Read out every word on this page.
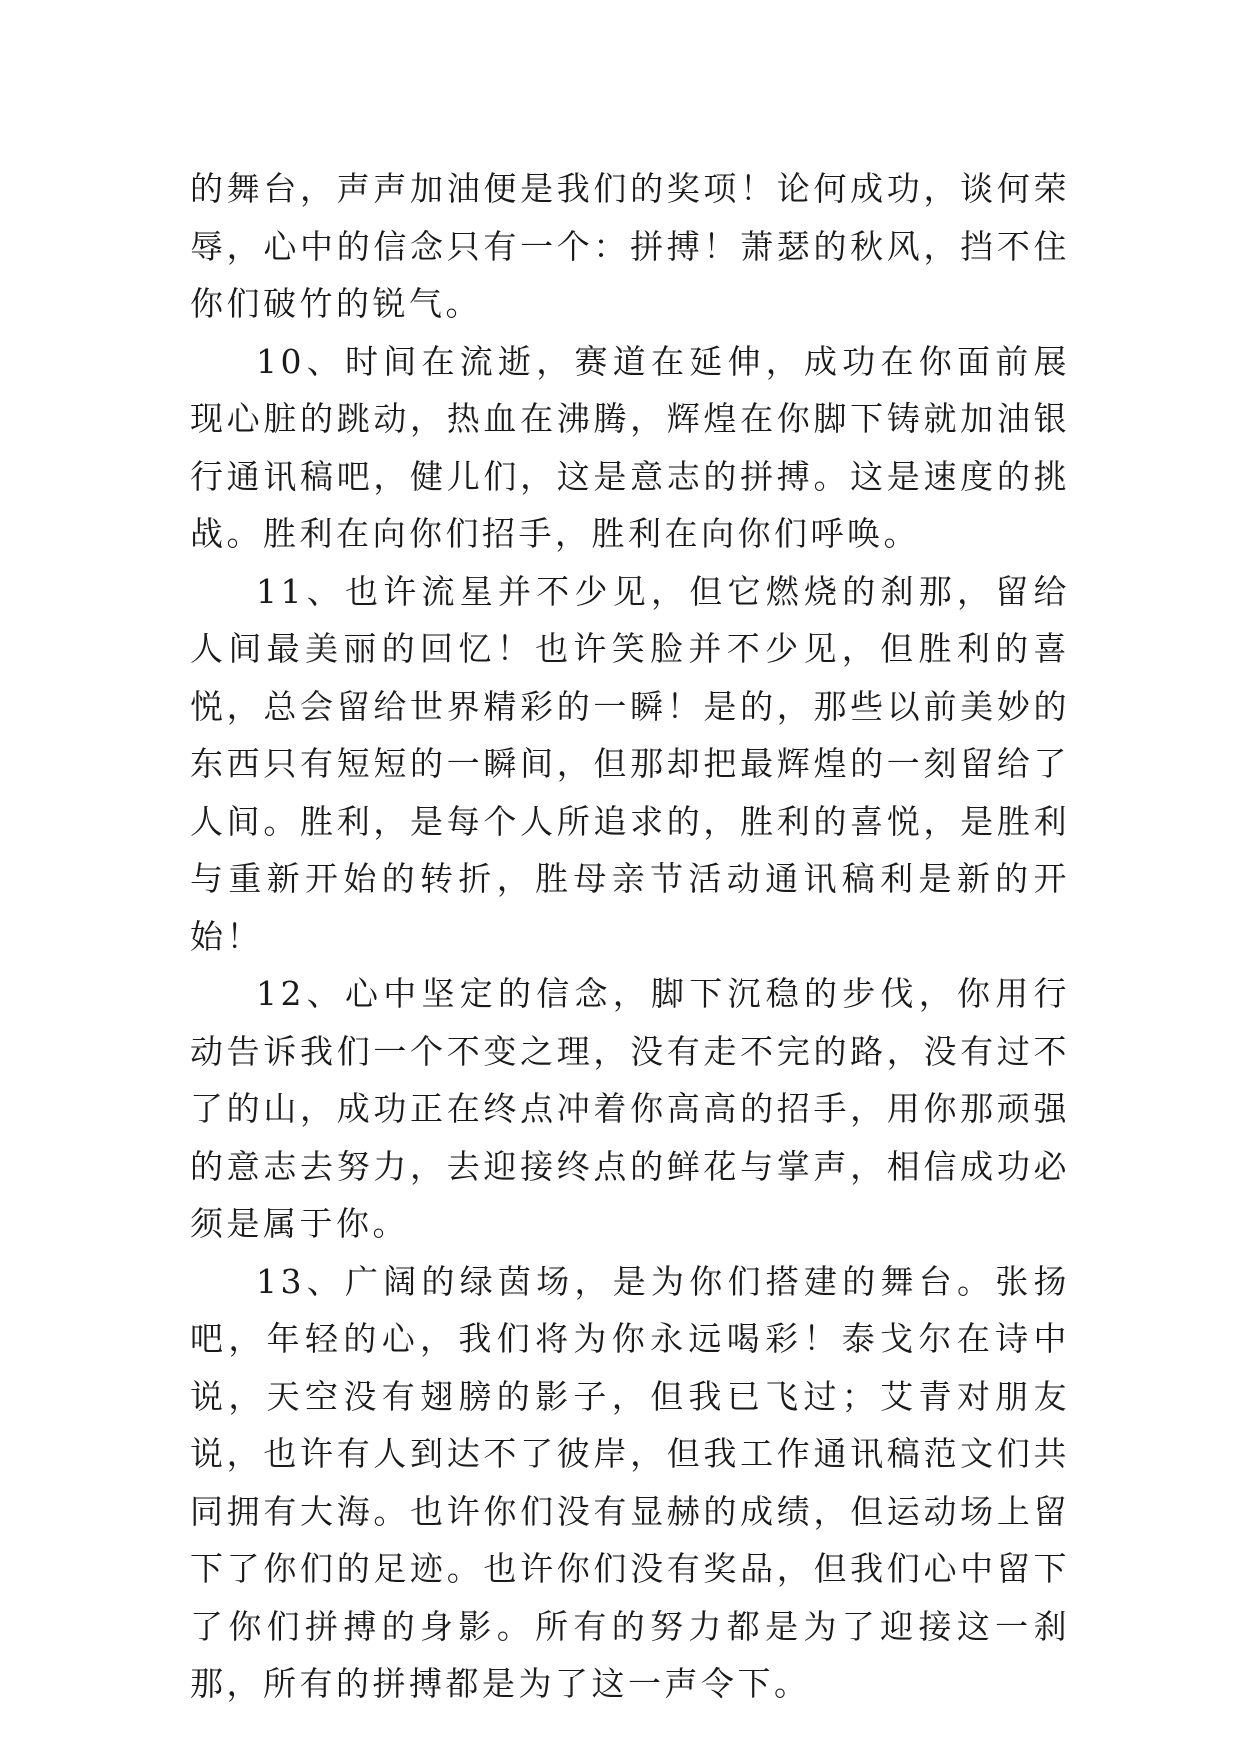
的舞台，声声加油便是我们的奖项！论何成功，谈何荣辱，心中的信念只有一个：拼搏！萧瑟的秋风，挡不住你们破竹的锐气。

10、时间在流逝，赛道在延伸，成功在你面前展现心脏的跳动，热血在沸腾，辉煌在你脚下铸就加油银行通讯稿吧，健儿们，这是意志的拼搏。这是速度的挑战。胜利在向你们招手，胜利在向你们呼唤。

11、也许流星并不少见，但它燃烧的刹那，留给人间最美丽的回忆！也许笑脸并不少见，但胜利的喜悦，总会留给世界精彩的一瞬！是的，那些以前美妙的东西只有短短的一瞬间，但那却把最辉煌的一刻留给了人间。胜利，是每个人所追求的，胜利的喜悦，是胜利与重新开始的转折，胜母亲节活动通讯稿利是新的开始！

12、心中坚定的信念，脚下沉稳的步伐，你用行动告诉我们一个不变之理，没有走不完的路，没有过不了的山，成功正在终点冲着你高高的招手，用你那顽强的意志去努力，去迎接终点的鲜花与掌声，相信成功必须是属于你。

13、广阔的绿茵场，是为你们搭建的舞台。张扬吧，年轻的心，我们将为你永远喝彩！泰戈尔在诗中说，天空没有翅膀的影子，但我已飞过；艾青对朋友说，也许有人到达不了彼岸，但我工作通讯稿范文们共同拥有大海。也许你们没有显赫的成绩，但运动场上留下了你们的足迹。也许你们没有奖品，但我们心中留下了你们拼搏的身影。所有的努力都是为了迎接这一刹那，所有的拼搏都是为了这一声令下。
